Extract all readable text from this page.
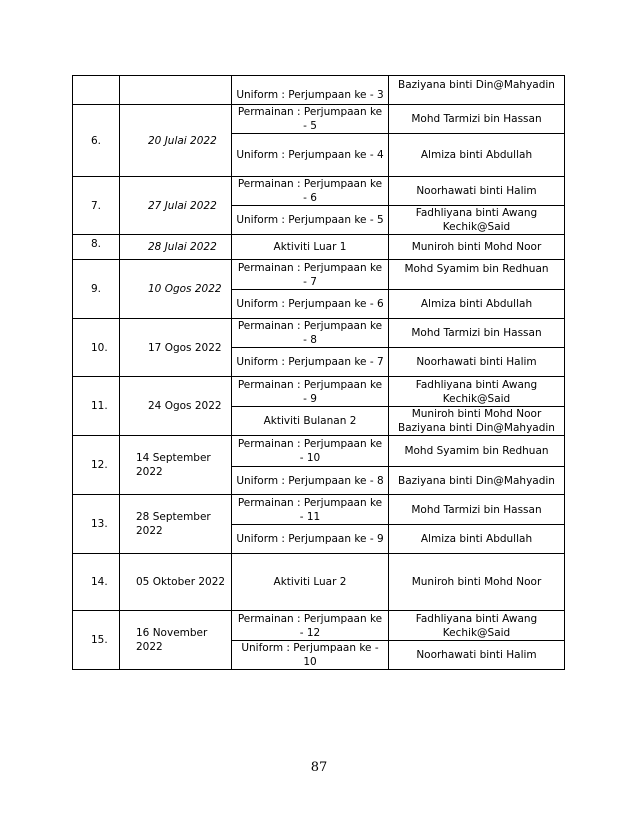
		Uniform : Perjumpaan ke - 3	Baziyana binti Din@Mahyadin
6.	20 Julai 2022	Permainan : Perjumpaan ke - 5	Mohd Tarmizi bin Hassan
		Uniform : Perjumpaan ke - 4	Almiza binti Abdullah
7.	27 Julai 2022	Permainan : Perjumpaan ke - 6	Noorhawati binti Halim
		Uniform : Perjumpaan ke - 5	Fadhliyana binti Awang Kechik@Said
8.	28 Julai 2022	Aktiviti Luar 1	Muniroh binti Mohd Noor
9.	10 Ogos 2022	Permainan : Perjumpaan ke - 7	Mohd Syamim bin Redhuan
		Uniform : Perjumpaan ke - 6	Almiza binti Abdullah
10.	17 Ogos 2022	Permainan : Perjumpaan ke - 8	Mohd Tarmizi bin Hassan
		Uniform : Perjumpaan ke - 7	Noorhawati binti Halim
11.	24 Ogos 2022	Permainan : Perjumpaan ke - 9	Fadhliyana binti Awang Kechik@Said
		Aktiviti Bulanan 2	Muniroh binti Mohd Noor Baziyana binti Din@Mahyadin
12.	14 September 2022	Permainan : Perjumpaan ke - 10	Mohd Syamim bin Redhuan
		Uniform : Perjumpaan ke - 8	Baziyana binti Din@Mahyadin
13.	28 September 2022	Permainan : Perjumpaan ke - 11	Mohd Tarmizi bin Hassan
		Uniform : Perjumpaan ke - 9	Almiza binti Abdullah
14.	05 Oktober 2022	Aktiviti Luar 2	Muniroh binti Mohd Noor
15.	16 November 2022	Permainan : Perjumpaan ke - 12	Fadhliyana binti Awang Kechik@Said
		Uniform : Perjumpaan ke - 10	Noorhawati binti Halim
87
